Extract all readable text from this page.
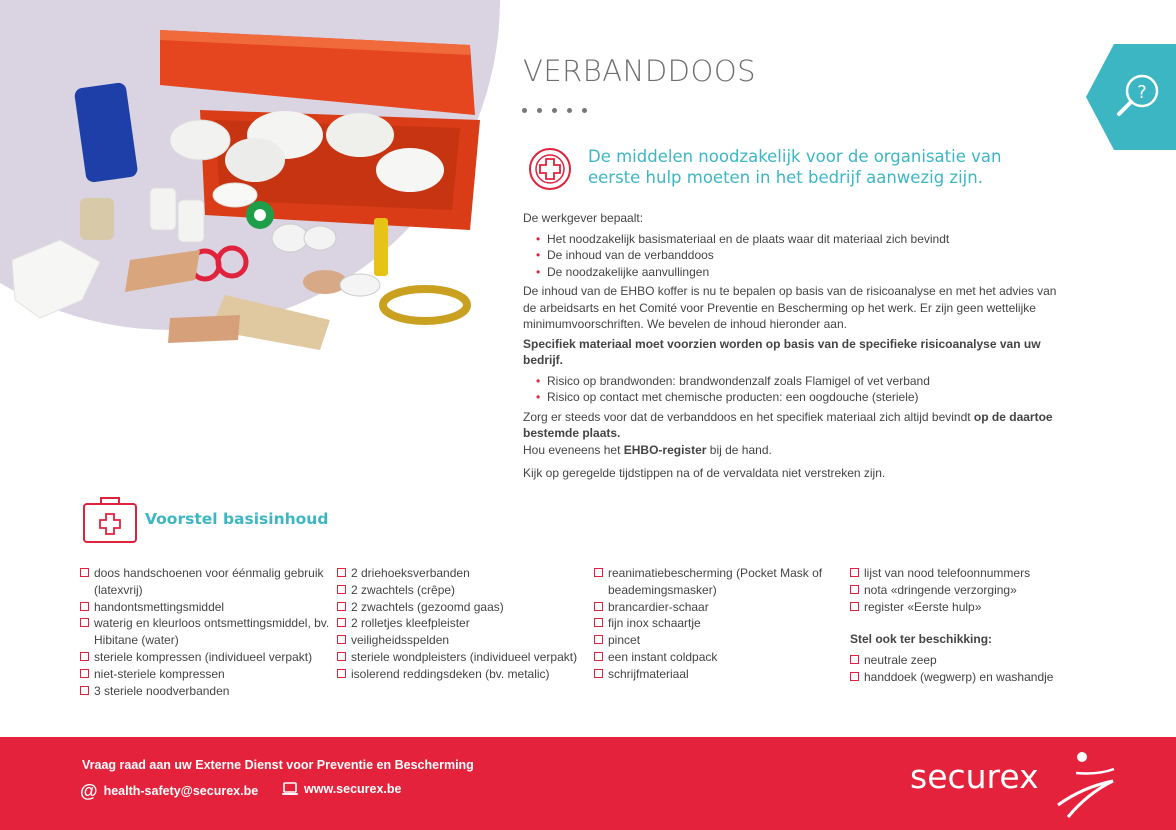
?
VERBANDDOOS

De middelen noodzakelijk voor de organisatie van eerste hulp moeten in het bedrijf aanwezig zijn.

De werkgever bepaalt:

• Het noodzakelijk basismateriaal en de plaats waar dit materiaal zich bevindt
• De inhoud van de verbanddoos
• De noodzakelijke aanvullingen

De inhoud van de EHBO koffer is nu te bepalen op basis van de risicoanalyse en met het advies van de arbeidsarts en het Comité voor Preventie en Bescherming op het werk. Er zijn geen wettelijke minimumvoorschriften. We bevelen de inhoud hieronder aan.

Specifiek materiaal moet voorzien worden op basis van de specifieke risicoanalyse van uw bedrijf.

• Risico op brandwonden: brandwondenzalf zoals Flamigel of vet verband
• Risico op contact met chemische producten: een oogdouche (steriele)

Zorg er steeds voor dat de verbanddoos en het specifiek materiaal zich altijd bevindt op de daartoe bestemde plaats.

Hou eveneens het EHBO-register bij de hand.

Kijk op geregelde tijdstippen na of de vervaldata niet verstreken zijn.

Voorstel basisinhoud
doos handschoenen voor éénmalig gebruik (latexvrij)
handontsmettingsmiddel
waterig en kleurloos ontsmettingsmiddel, bv. Hibitane (water)
steriele kompressen (individueel verpakt)
niet-steriele kompressen
3 steriele noodverbanden
2 driehoeksverbanden
2 zwachtels (crêpe)
2 zwachtels (gezoomd gaas)
2 rolletjes kleefpleister
veiligheidsspelden
steriele wondpleisters (individueel verpakt)
isolerend reddingsdeken (bv. metalic)
reanimatiebescherming (Pocket Mask of beademingsmasker)
brancardier-schaar
fijn inox schaartje
pincet
een instant coldpack
schrijfmateriaal
lijst van nood telefoonnummers
nota «dringende verzorging»
register «Eerste hulp»
Stel ook ter beschikking:
neutrale zeep
handdoek (wegwerp) en washandje
Vraag raad aan uw Externe Dienst voor Preventie en Bescherming
@ health-safety@securex.be	www.securex.be	securex
